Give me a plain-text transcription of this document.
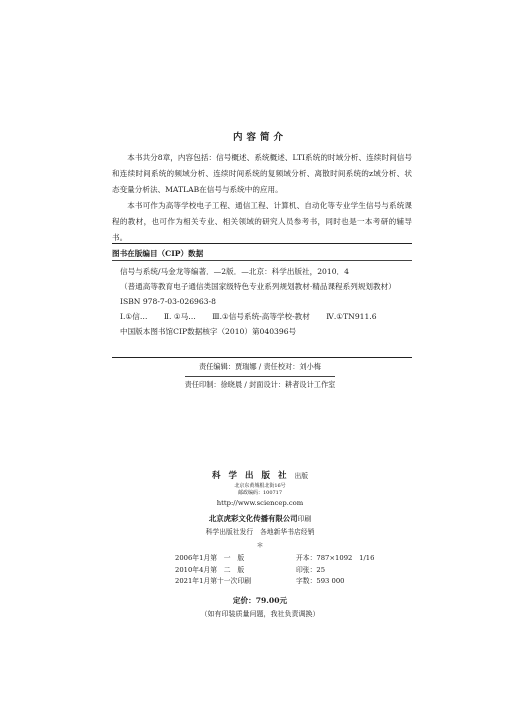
内容简介
本书共分8章，内容包括：信号概述、系统概述、LTI系统的时域分析、连续时间信号和连续时间系统的频域分析、连续时间系统的复频域分析、离散时间系统的z域分析、状态变量分析法、MATLAB在信号与系统中的应用。
本书可作为高等学校电子工程、通信工程、计算机、自动化等专业学生信号与系统课程的教材，也可作为相关专业、相关领域的研究人员参考书，同时也是一本考研的辅导书。
图书在版编目（CIP）数据
信号与系统/马金龙等编著．—2版．—北京：科学出版社，2010．4
（普通高等教育电子通信类国家级特色专业系列规划教材·精品课程系列规划教材）
ISBN 978-7-03-026963-8
Ⅰ.①信… Ⅱ. ①马… Ⅲ.①信号系统-高等学校-教材 Ⅳ.①TN911.6
中国版本图书馆CIP数据核字（2010）第040396号
责任编辑：贾瑞娜 / 责任校对：刘小梅
责任印制：徐晓晨 / 封面设计：耕者设计工作室
科学出版社出版
北京东黄城根北街16号
邮政编码：100717
http://www.sciencep.com
北京虎彩文化传播有限公司印刷
科学出版社发行　各地新华书店经销
＊
2006年1月第　一　版	开本：787×1092　1/16
2010年4月第　二　版	印张：25
2021年1月第十一次印刷	字数：593 000
定价：79.00元
（如有印装质量问题，我社负责调换）
